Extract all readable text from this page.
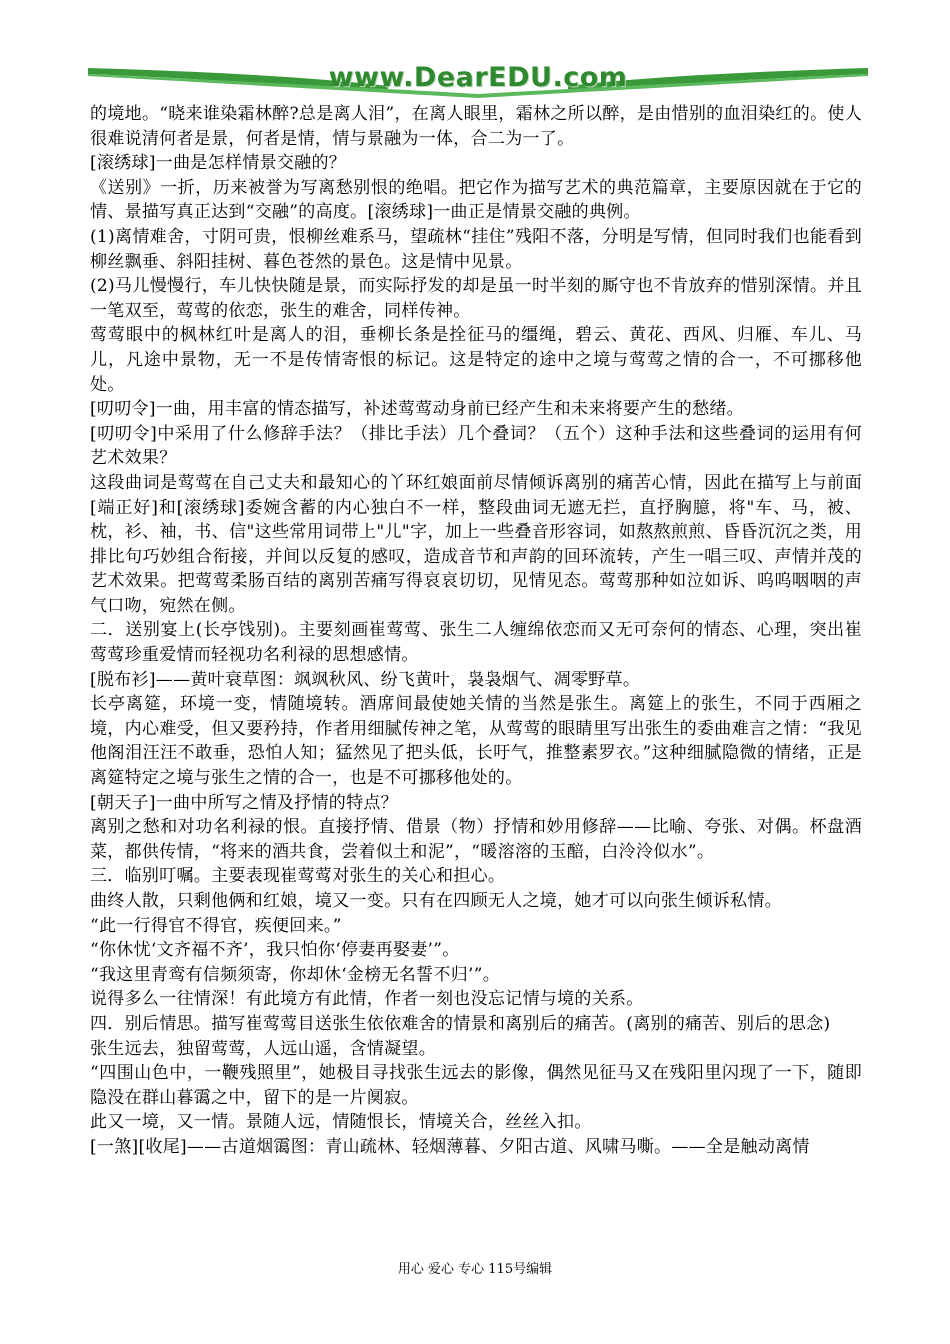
www.DearEDU.com

的境地。“晓来谁染霜林醉?总是离人泪”，在离人眼里，霜林之所以醉，是由惜别的血泪染红的。使人很难说清何者是景，何者是情，情与景融为一体，合二为一了。

[滚绣球]一曲是怎样情景交融的？

《送别》一折，历来被誉为写离愁别恨的绝唱。把它作为描写艺术的典范篇章，主要原因就在于它的情、景描写真正达到“交融”的高度。[滚绣球]一曲正是情景交融的典例。

(1)离情难舍，寸阴可贵，恨柳丝难系马，望疏林“挂住”残阳不落，分明是写情，但同时我们也能看到柳丝飘垂、斜阳挂树、暮色苍然的景色。这是情中见景。

(2)马儿慢慢行，车儿快快随是景，而实际抒发的却是虽一时半刻的厮守也不肯放弃的惜别深情。并且一笔双至，莺莺的依恋，张生的难舍，同样传神。

莺莺眼中的枫林红叶是离人的泪，垂柳长条是拴征马的缰绳，碧云、黄花、西风、归雁、车儿、马儿，凡途中景物，无一不是传情寄恨的标记。这是特定的途中之境与莺莺之情的合一，不可挪移他处。

[叨叨令]一曲，用丰富的情态描写，补述莺莺动身前已经产生和未来将要产生的愁绪。

[叨叨令]中采用了什么修辞手法？（排比手法）几个叠词？（五个）这种手法和这些叠词的运用有何艺术效果？

这段曲词是莺莺在自己丈夫和最知心的丫环红娘面前尽情倾诉离别的痛苦心情，因此在描写上与前面[端正好]和[滚绣球]委婉含蓄的内心独白不一样，整段曲词无遮无拦，直抒胸臆，将"车、马，被、枕，衫、袖，书、信"这些常用词带上"儿"字，加上一些叠音形容词，如熬熬煎煎、昏昏沉沉之类，用排比句巧妙组合衔接，并间以反复的感叹，造成音节和声韵的回环流转，产生一唱三叹、声情并茂的艺术效果。把莺莺柔肠百结的离别苦痛写得哀哀切切，见情见态。莺莺那种如泣如诉、呜呜咽咽的声气口吻，宛然在侧。

二．送别宴上(长亭饯别)。主要刻画崔莺莺、张生二人缠绵依恋而又无可奈何的情态、心理，突出崔莺莺珍重爱情而轻视功名利禄的思想感情。

[脱布衫]——黄叶衰草图：飒飒秋风、纷飞黄叶，袅袅烟气、凋零野草。

长亭离筵，环境一变，情随境转。酒席间最使她关情的当然是张生。离筵上的张生，不同于西厢之境，内心难受，但又要矜持，作者用细腻传神之笔，从莺莺的眼睛里写出张生的委曲难言之情：“我见他阁泪汪汪不敢垂，恐怕人知；猛然见了把头低，长吁气，推整素罗衣。”这种细腻隐微的情绪，正是离筵特定之境与张生之情的合一，也是不可挪移他处的。

[朝天子]一曲中所写之情及抒情的特点？

离别之愁和对功名利禄的恨。直接抒情、借景（物）抒情和妙用修辞——比喻、夸张、对偶。杯盘酒菜，都供传情，“将来的酒共食，尝着似土和泥”，“暖溶溶的玉醅，白泠泠似水”。

三．临别叮嘱。主要表现崔莺莺对张生的关心和担心。

曲终人散，只剩他俩和红娘，境又一变。只有在四顾无人之境，她才可以向张生倾诉私情。

“此一行得官不得官，疾便回来。”

“你休忧‘文齐福不齐’，我只怕你‘停妻再娶妻’”。

“我这里青鸾有信频须寄，你却休‘金榜无名誓不归’”。

说得多么一往情深！有此境方有此情，作者一刻也没忘记情与境的关系。

四．别后情思。描写崔莺莺目送张生依依难舍的情景和离别后的痛苦。(离别的痛苦、别后的思念)

张生远去，独留莺莺，人远山遥，含情凝望。

“四围山色中，一鞭残照里”，她极目寻找张生远去的影像，偶然见征马又在残阳里闪现了一下，随即隐没在群山暮霭之中，留下的是一片阒寂。

此又一境，又一情。景随人远，情随恨长，情境关合，丝丝入扣。

[一煞][收尾]——古道烟霭图：青山疏林、轻烟薄暮、夕阳古道、风啸马嘶。——全是触动离情

用心 爱心 专心 115号编辑
